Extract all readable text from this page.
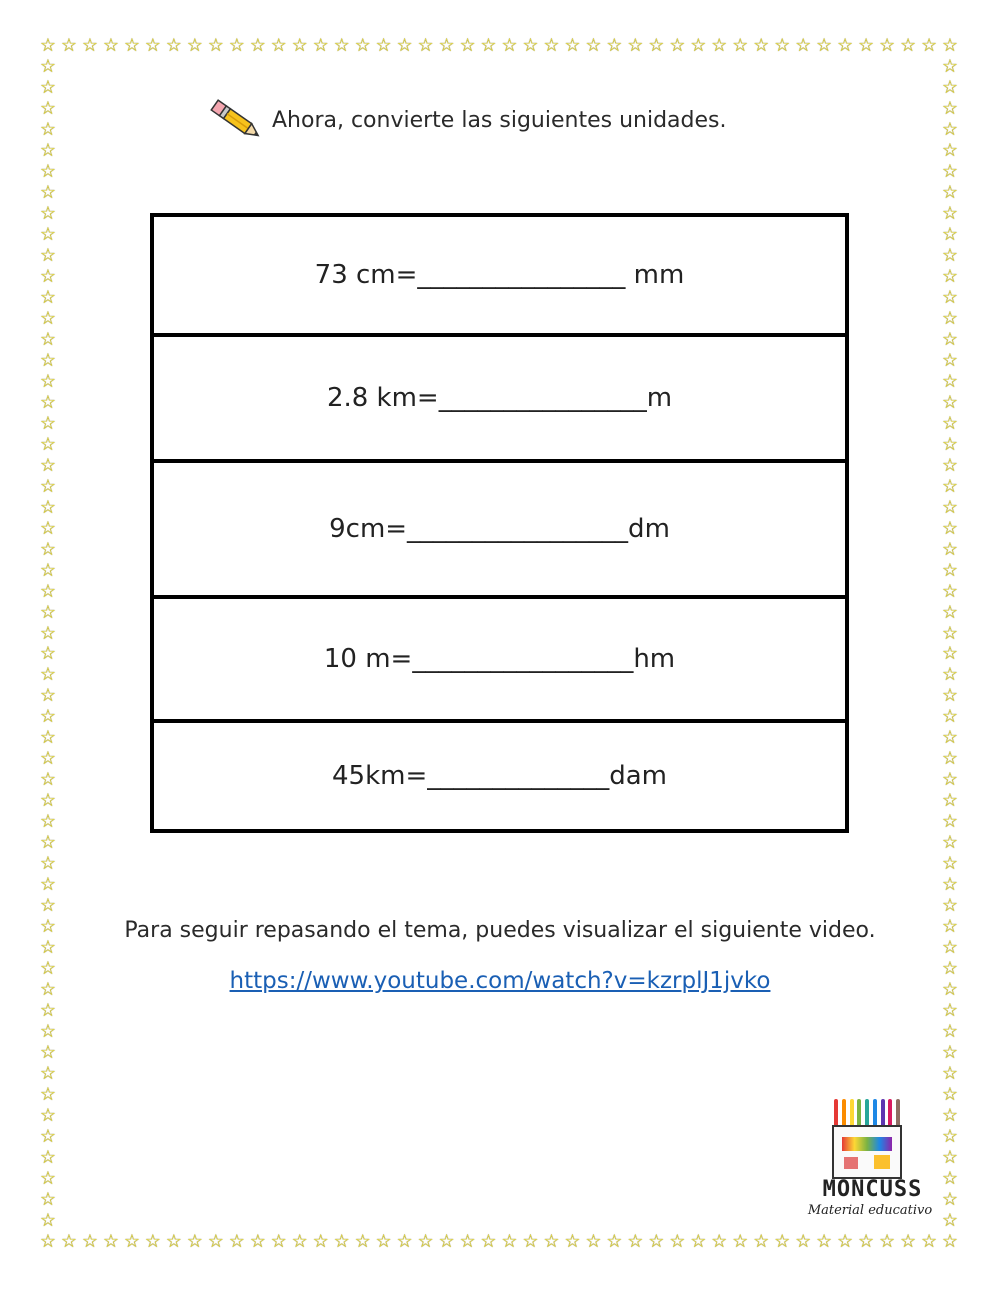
☆
☆
☆
☆
☆
☆
☆
☆
☆
☆
☆
☆
☆
☆
☆
☆
☆
☆
☆
☆
☆
☆
☆
☆
☆
☆
☆
☆
☆
☆
☆
☆
☆
☆
☆
☆
☆
☆
☆
☆
☆
☆
☆
☆
☆
☆
☆
☆
☆
☆
☆
☆
☆
☆
☆
☆
☆
☆
☆
☆
☆
☆
☆
☆
☆
☆
☆
☆
☆
☆
☆
☆
☆
☆
☆
☆
☆
☆
☆
☆
☆
☆
☆
☆
☆
☆
☆
☆
☆	☆
☆	☆
☆	☆
☆	☆
☆	☆
☆	☆
☆	☆
☆	☆
☆	☆
☆	☆
☆	☆
☆	☆
☆	☆
☆	☆
☆	☆
☆	☆
☆	☆
☆	☆
☆	☆
☆	☆
☆	☆
☆	☆
☆	☆
☆	☆
☆	☆
☆	☆
☆	☆
☆	☆
☆	☆
☆	☆
☆	☆
☆	☆
☆	☆
☆	☆
☆	☆
☆	☆
☆	☆
☆	☆
☆	☆
☆	☆
☆	☆
☆	☆
☆	☆
☆	☆
☆	☆
☆	☆
☆	☆
☆	☆
☆	☆
☆	☆
☆	☆
☆	☆
☆	☆
☆	☆
☆	☆
☆	☆
Ahora, convierte las siguientes unidades.
73 cm=________________ mm
2.8 km=________________m
9cm=_________________dm
10 m=_________________hm
45km=______________dam
Para seguir repasando el tema, puedes visualizar el siguiente video.
https://www.youtube.com/watch?v=kzrplJ1jvko
MONCUSS
Material educativo
